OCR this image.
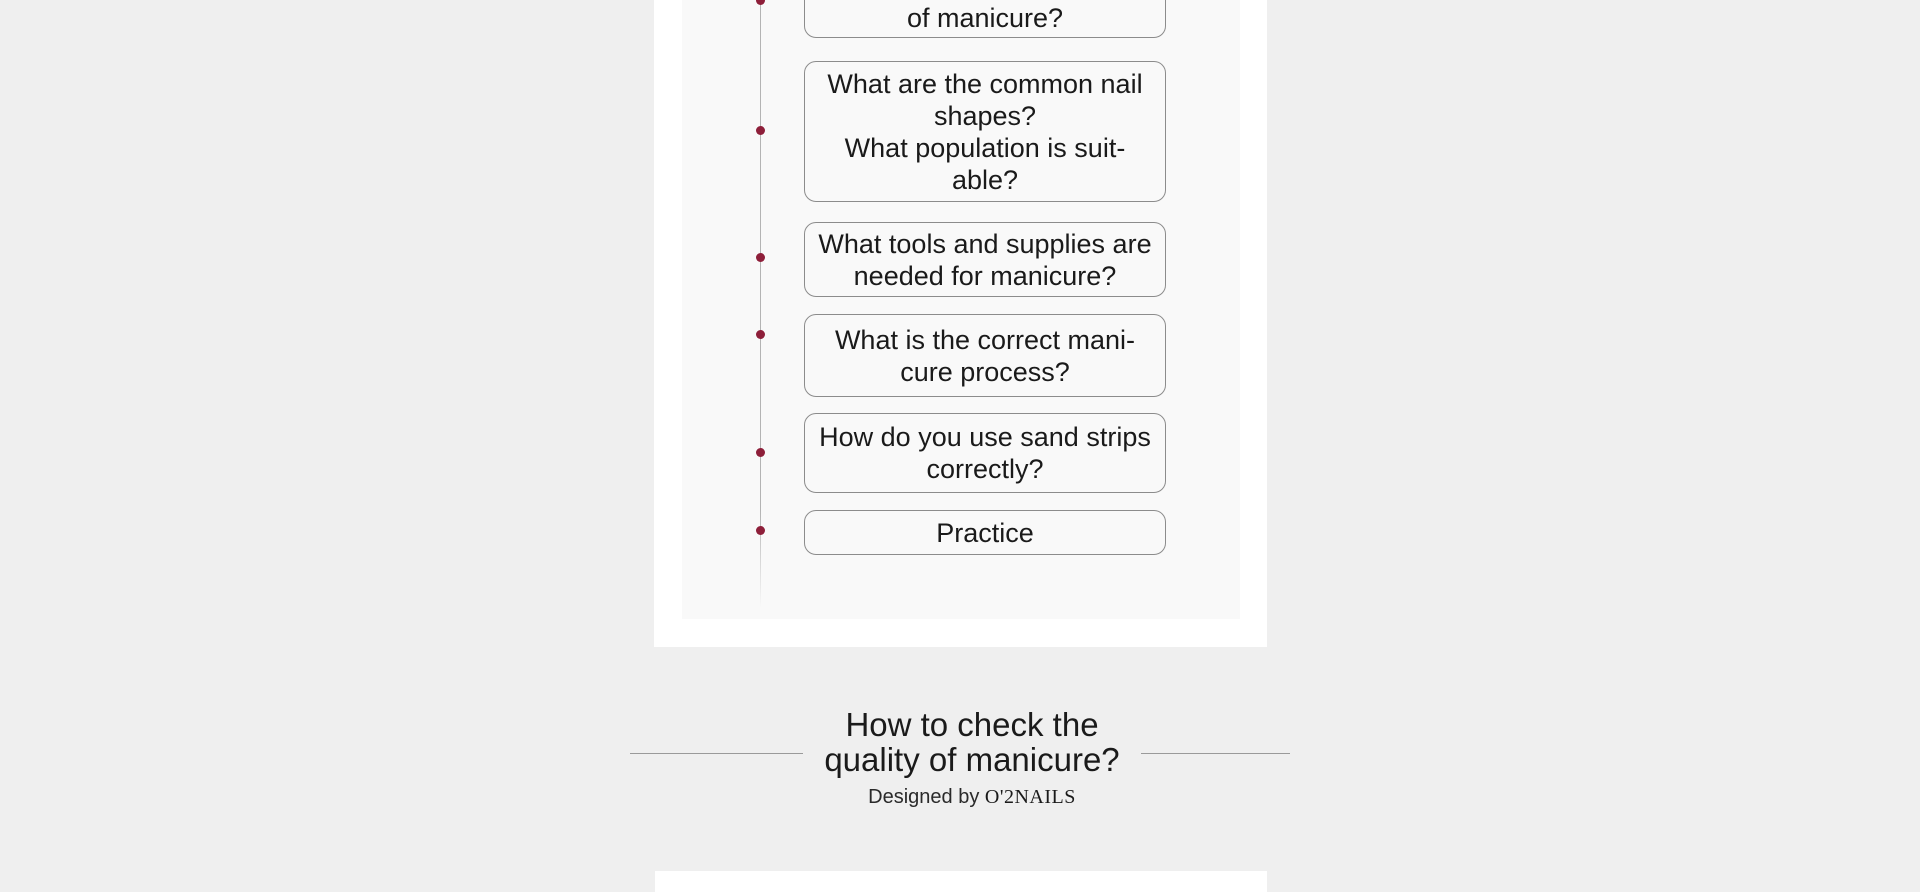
of manicure?
What are the common nail shapes?
What population is suit-able?
What tools and supplies are needed for manicure?
What is the correct mani-cure process?
How do you use sand strips correctly?
Practice
How to check the
quality of manicure?
Designed by O'2NAILS
